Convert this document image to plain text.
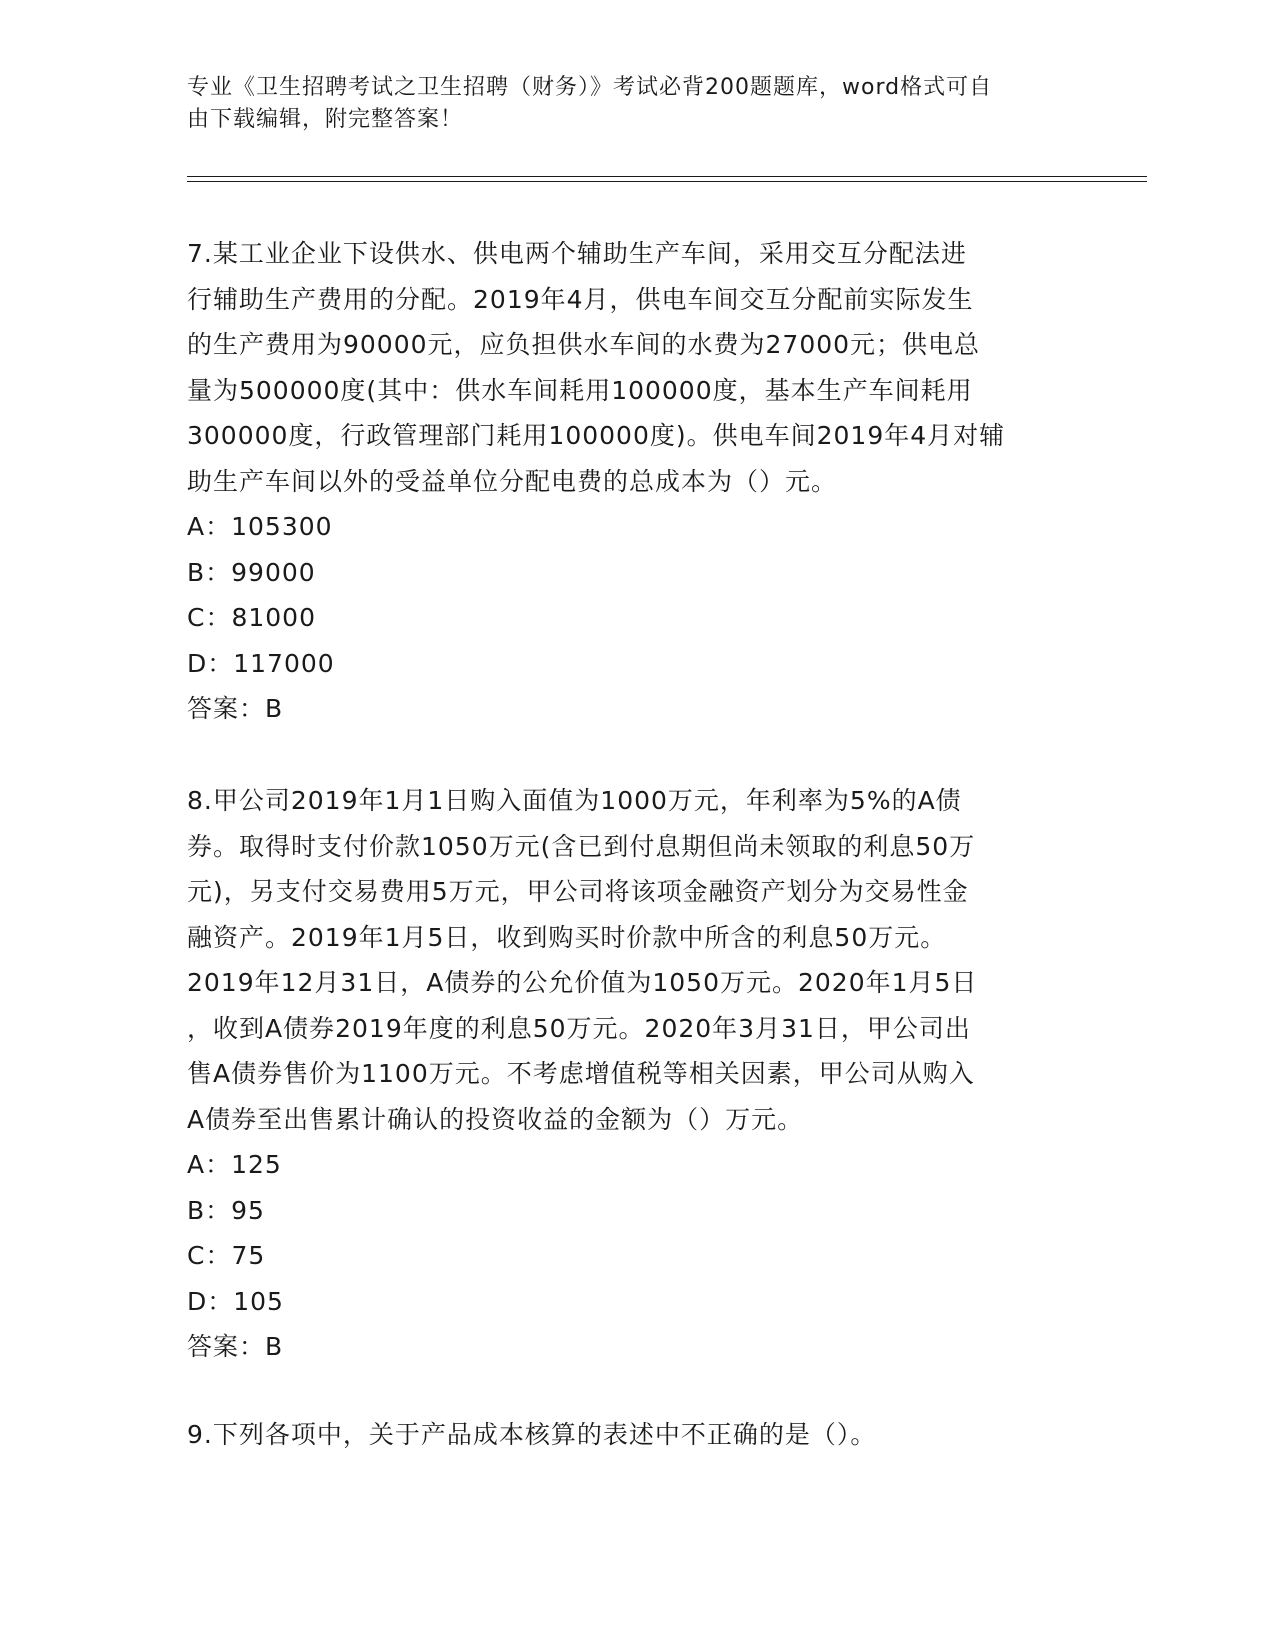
专业《卫生招聘考试之卫生招聘（财务）》考试必背200题题库，word格式可自
由下载编辑，附完整答案！
7.某工业企业下设供水、供电两个辅助生产车间，采用交互分配法进
行辅助生产费用的分配。2019年4月，供电车间交互分配前实际发生
的生产费用为90000元，应负担供水车间的水费为27000元；供电总
量为500000度(其中：供水车间耗用100000度，基本生产车间耗用
300000度，行政管理部门耗用100000度)。供电车间2019年4月对辅
助生产车间以外的受益单位分配电费的总成本为（）元。
A：105300
B：99000
C：81000
D：117000
答案：B
8.甲公司2019年1月1日购入面值为1000万元，年利率为5%的A债
券。取得时支付价款1050万元(含已到付息期但尚未领取的利息50万
元)，另支付交易费用5万元，甲公司将该项金融资产划分为交易性金
融资产。2019年1月5日，收到购买时价款中所含的利息50万元。
2019年12月31日，A债券的公允价值为1050万元。2020年1月5日
，收到A债券2019年度的利息50万元。2020年3月31日，甲公司出
售A债券售价为1100万元。不考虑增值税等相关因素，甲公司从购入
A债券至出售累计确认的投资收益的金额为（）万元。
A：125
B：95
C：75
D：105
答案：B
9.下列各项中，关于产品成本核算的表述中不正确的是（）。
